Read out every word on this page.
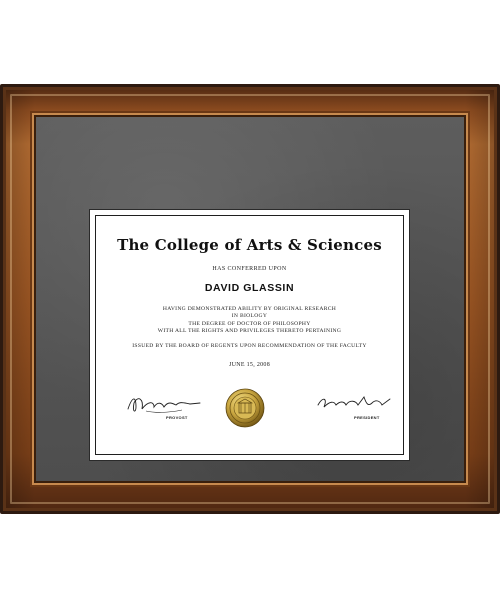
The College of Arts & Sciences
HAS CONFERRED UPON
DAVID GLASSIN
HAVING DEMONSTRATED ABILITY BY ORIGINAL RESEARCH
IN BIOLOGY
THE DEGREE OF DOCTOR OF PHILOSOPHY
WITH ALL THE RIGHTS AND PRIVILEGES THERETO PERTAINING
ISSUED BY THE BOARD OF REGENTS UPON RECOMMENDATION OF THE FACULTY
JUNE 15, 2008
PROVOST	PRESIDENT
